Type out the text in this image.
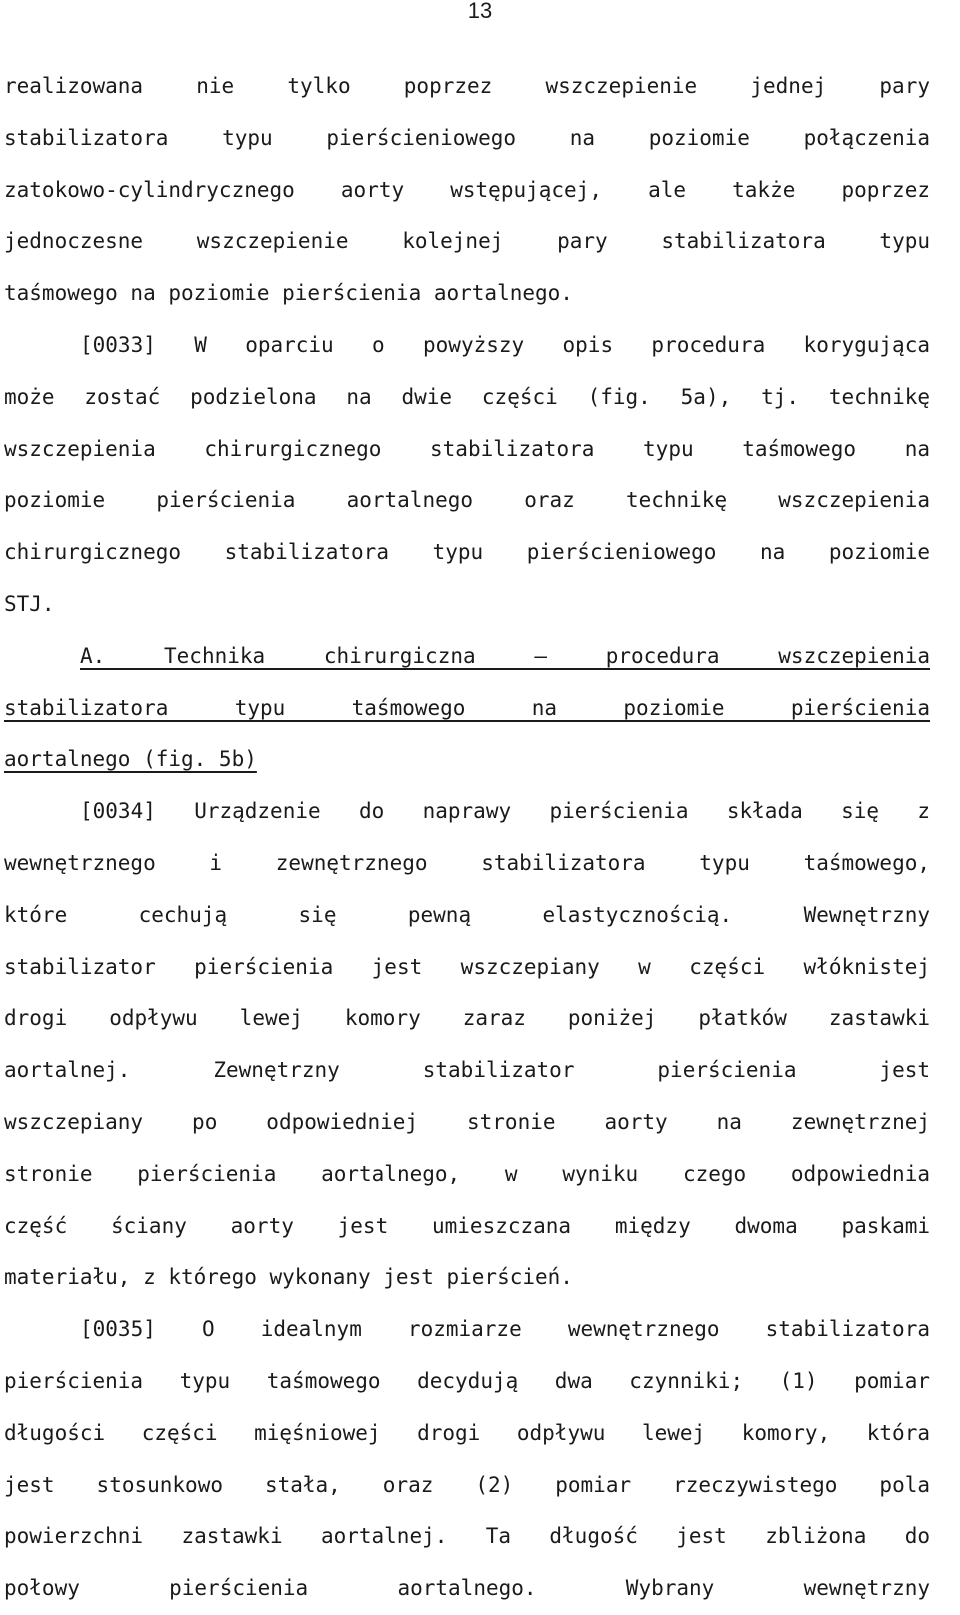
13
realizowana nie tylko poprzez wszczepienie jednej pary
stabilizatora typu pierścieniowego na poziomie połączenia
zatokowo-cylindrycznego aorty wstępującej, ale także poprzez
jednoczesne wszczepienie kolejnej pary stabilizatora typu
taśmowego na poziomie pierścienia aortalnego.
[0033] W oparciu o powyższy opis procedura korygująca
może zostać podzielona na dwie części (fig. 5a), tj. technikę
wszczepienia chirurgicznego stabilizatora typu taśmowego na
poziomie pierścienia aortalnego oraz technikę wszczepienia
chirurgicznego stabilizatora typu pierścieniowego na poziomie
STJ.
A. Technika chirurgiczna – procedura wszczepienia
stabilizatora typu taśmowego na poziomie pierścienia
aortalnego (fig. 5b)
[0034] Urządzenie do naprawy pierścienia składa się z
wewnętrznego i zewnętrznego stabilizatora typu taśmowego,
które cechują się pewną elastycznością. Wewnętrzny
stabilizator pierścienia jest wszczepiany w części włóknistej
drogi odpływu lewej komory zaraz poniżej płatków zastawki
aortalnej. Zewnętrzny stabilizator pierścienia jest
wszczepiany po odpowiedniej stronie aorty na zewnętrznej
stronie pierścienia aortalnego, w wyniku czego odpowiednia
część ściany aorty jest umieszczana między dwoma paskami
materiału, z którego wykonany jest pierścień.
[0035] O idealnym rozmiarze wewnętrznego stabilizatora
pierścienia typu taśmowego decydują dwa czynniki; (1) pomiar
długości części mięśniowej drogi odpływu lewej komory, która
jest stosunkowo stała, oraz (2) pomiar rzeczywistego pola
powierzchni zastawki aortalnej. Ta długość jest zbliżona do
połowy pierścienia aortalnego. Wybrany wewnętrzny
